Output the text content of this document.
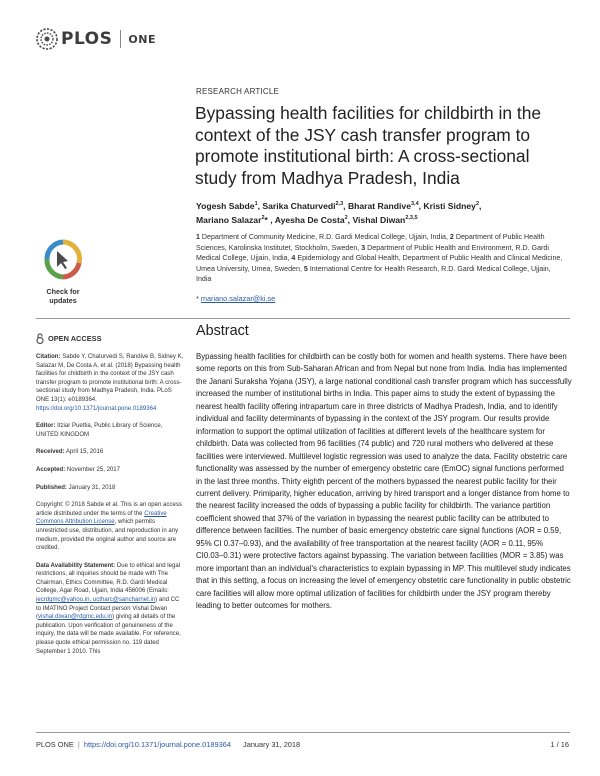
PLOS ONE
RESEARCH ARTICLE
Bypassing health facilities for childbirth in the context of the JSY cash transfer program to promote institutional birth: A cross-sectional study from Madhya Pradesh, India
Yogesh Sabde$^1$, Sarika Chaturvedi$^{2,3}$, Bharat Randive$^{3,4}$, Kristi Sidney$^2$,
Mariano Salazar$^2$* , Ayesha De Costa$^2$, Vishal Diwan$^{2,3,5}$
1 Department of Community Medicine, R.D. Gardi Medical College, Ujjain, India, 2 Department of Public Health Sciences, Karolinska Institutet, Stockholm, Sweden, 3 Department of Public Health and Environment, R.D. Gardi Medical College, Ujjain, India, 4 Epidemiology and Global Health, Department of Public Health and Clinical Medicine, Umea University, Umea, Sweden, 5 International Centre for Health Research, R.D. Gardi Medical College, Ujjain, India
* mariano.salazar@ki.se
Check for
updates
OPEN ACCESS
Citation: Sabde Y, Chaturvedi S, Randive B, Sidney K, Salazar M, De Costa A, et al. (2018) Bypassing health facilities for childbirth in the context of the JSY cash transfer program to promote institutional birth: A cross-sectional study from Madhya Pradesh, India. PLoS ONE 13(1): e0189364.
https://doi.org/10.1371/journal.pone.0189364
Editor: Itziar Puettia, Public Library of Science, UNITED KINGDOM
Received: April 15, 2016
Accepted: November 25, 2017
Published: January 31, 2018
Copyright: © 2018 Sabde et al. This is an open access article distributed under the terms of the Creative Commons Attribution License, which permits unrestricted use, distribution, and reproduction in any medium, provided the original author and source are credited.
Data Availability Statement: Due to ethical and legal restrictions, all inquiries should be made with The Chairman, Ethics Committee, R.D. Gardi Medical College, Agar Road, Ujjain, India 456006 (Emails: iecrdgmc@yahoo.in, uctharc@sancharnet.in) and CC to IMATINO Project Contact person Vishal Diwan (vishal.diwan@rdgmc.edu.in) giving all details of the publication. Upon verification of genuineness of the inquiry, the data will be made available. For reference, please quote ethical permission no. 119 dated September 1 2010. This
Abstract

Bypassing health facilities for childbirth can be costly both for women and health systems. There have been some reports on this from Sub-Saharan African and from Nepal but none from India. India has implemented the Janani Suraksha Yojana (JSY), a large national conditional cash transfer program which has successfully increased the number of institutional births in India. This paper aims to study the extent of bypassing the nearest health facility offering intrapartum care in three districts of Madhya Pradesh, India, and to identify individual and facility determinants of bypassing in the context of the JSY program. Our results provide information to support the optimal utilization of facilities at different levels of the healthcare system for childbirth. Data was collected from 96 facilities (74 public) and 720 rural mothers who delivered at these facilities were interviewed. Multilevel logistic regression was used to analyze the data. Facility obstetric care functionality was assessed by the number of emergency obstetric care (EmOC) signal functions performed in the last three months. Thirty eighth percent of the mothers bypassed the nearest public facility for their current delivery. Primiparity, higher education, arriving by hired transport and a longer distance from home to the nearest facility increased the odds of bypassing a public facility for childbirth. The variance partition coefficient showed that 37% of the variation in bypassing the nearest public facility can be attributed to difference between facilities. The number of basic emergency obstetric care signal functions (AOR = 0.59, 95% CI 0.37–0.93), and the availability of free transportation at the nearest facility (AOR = 0.11, 95% CI0.03–0.31) were protective factors against bypassing. The variation between facilities (MOR = 3.85) was more important than an individual's characteristics to explain bypassing in MP. This multilevel study indicates that in this setting, a focus on increasing the level of emergency obstetric care functionality in public obstetric care facilities will allow more optimal utilization of facilities for childbirth under the JSY program thereby leading to better outcomes for mothers.

PLOS ONE | https://doi.org/10.1371/journal.pone.0189364 January 31, 2018	1 / 16
